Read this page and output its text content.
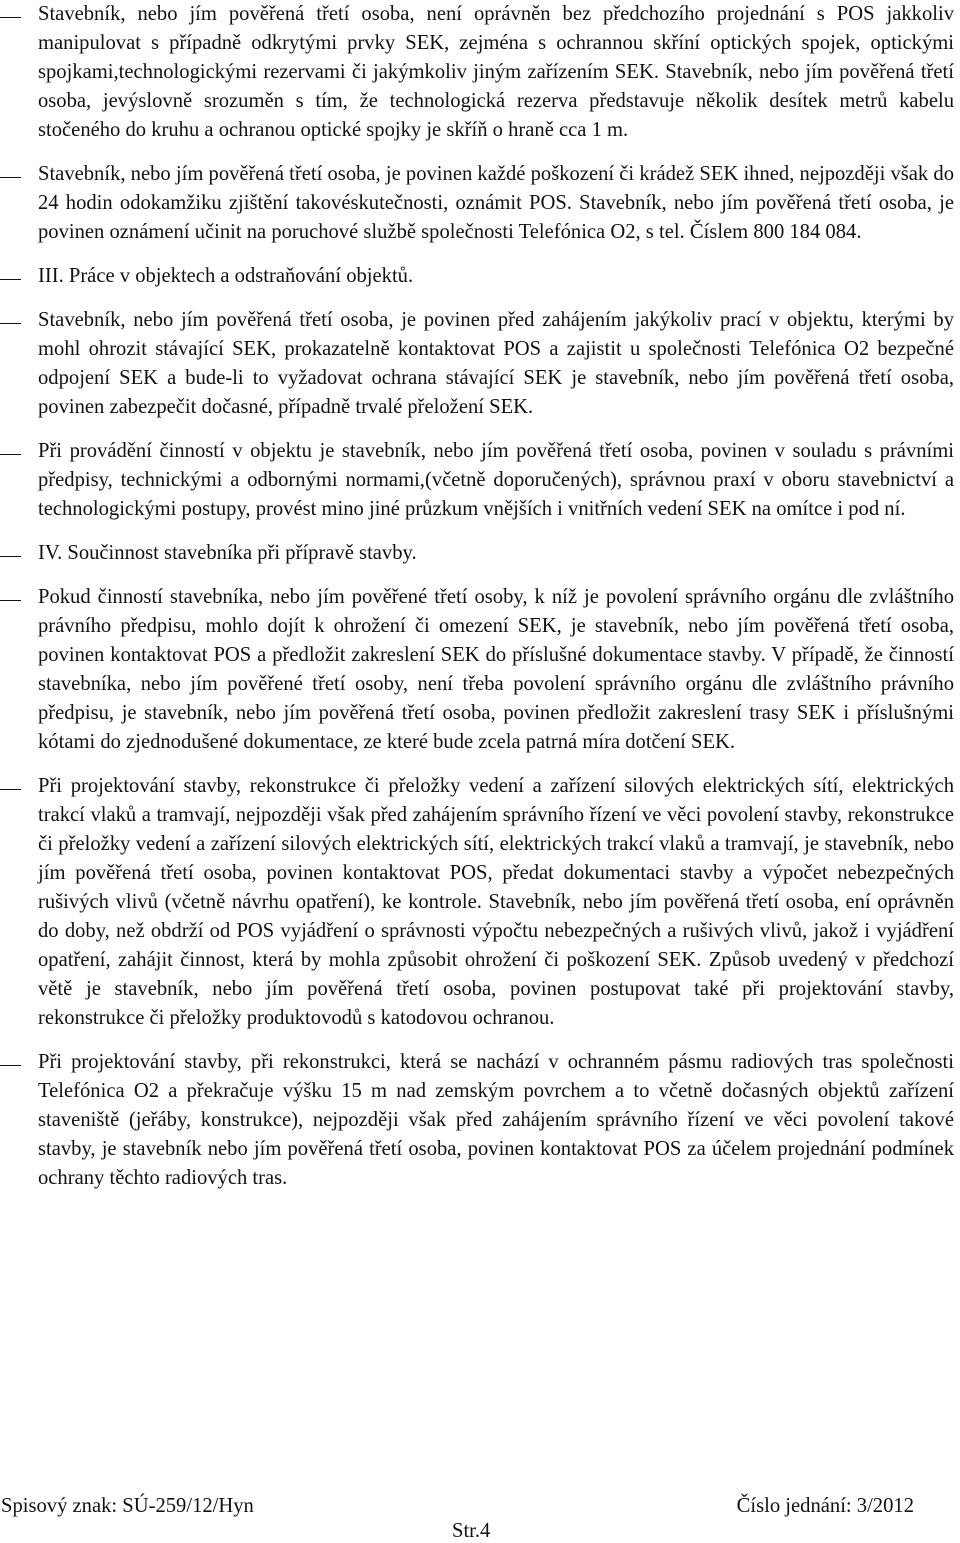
Stavebník, nebo jím pověřená třetí osoba, není oprávněn bez předchozího projednání s POS jakkoliv manipulovat s případně odkrytými prvky SEK, zejména s ochrannou skříní optických spojek, optickými spojkami,technologickými rezervami či jakýmkoliv jiným zařízením SEK. Stavebník, nebo jím pověřená třetí osoba, jevýslovně srozuměn s tím, že technologická rezerva představuje několik desítek metrů kabelu stočeného do kruhu a ochranou optické spojky je skříň o hraně cca 1 m.
Stavebník, nebo jím pověřená třetí osoba, je povinen každé poškození či krádež SEK ihned, nejpozději však do 24 hodin odokamžiku zjištění takovéskutečnosti, oznámit POS. Stavebník, nebo jím pověřená třetí osoba, je povinen oznámení učinit na poruchové službě společnosti Telefónica O2, s tel. Číslem 800 184 084.
III. Práce v objektech a odstraňování objektů.
Stavebník, nebo jím pověřená třetí osoba, je povinen před zahájením jakýkoliv prací v objektu, kterými by mohl ohrozit stávající SEK, prokazatelně kontaktovat POS a zajistit u společnosti Telefónica O2 bezpečné odpojení SEK a bude-li to vyžadovat ochrana stávající SEK je stavebník, nebo jím pověřená třetí osoba, povinen zabezpečit dočasné, případně trvalé přeložení SEK.
Při provádění činností v objektu je stavebník, nebo jím pověřená třetí osoba, povinen v souladu s právními předpisy, technickými a odbornými normami,(včetně doporučených), správnou praxí v oboru stavebnictví a technologickými postupy, provést mino jiné průzkum vnějších i vnitřních vedení SEK na omítce i pod ní.
IV. Součinnost stavebníka při přípravě stavby.
Pokud činností stavebníka, nebo jím pověřené třetí osoby, k níž je povolení správního orgánu dle zvláštního právního předpisu, mohlo dojít k ohrožení či omezení SEK, je stavebník, nebo jím pověřená třetí osoba, povinen kontaktovat POS a předložit zakreslení SEK do příslušné dokumentace stavby. V případě, že činností stavebníka, nebo jím pověřené třetí osoby, není třeba povolení správního orgánu dle zvláštního právního předpisu, je stavebník, nebo jím pověřená třetí osoba, povinen předložit zakreslení trasy SEK i příslušnými kótami do zjednodušené dokumentace, ze které bude zcela patrná míra dotčení SEK.
Při projektování stavby, rekonstrukce či přeložky vedení a zařízení silových elektrických sítí, elektrických trakcí vlaků a tramvají, nejpozději však před zahájením správního řízení ve věci povolení stavby, rekonstrukce či přeložky vedení a zařízení silových elektrických sítí, elektrických trakcí vlaků a tramvají, je stavebník, nebo jím pověřená třetí osoba, povinen kontaktovat POS, předat dokumentaci stavby a výpočet nebezpečných rušivých vlivů (včetně návrhu opatření), ke kontrole. Stavebník, nebo jím pověřená třetí osoba, ení oprávněn do doby, než obdrží od POS vyjádření o správnosti výpočtu nebezpečných a rušivých vlivů, jakož i vyjádření opatření, zahájit činnost, která by mohla způsobit ohrožení či poškození SEK. Způsob uvedený v předchozí větě je stavebník, nebo jím pověřená třetí osoba, povinen postupovat také při projektování stavby, rekonstrukce či přeložky produktovodů s katodovou ochranou.
Při projektování stavby, při rekonstrukci, která se nachází v ochranném pásmu radiových tras společnosti Telefónica O2 a překračuje výšku 15 m nad zemským povrchem a to včetně dočasných objektů zařízení staveniště (jeřáby, konstrukce), nejpozději však před zahájením správního řízení ve věci povolení takové stavby, je stavebník nebo jím pověřená třetí osoba, povinen kontaktovat POS za účelem projednání podmínek ochrany těchto radiových tras.
Spisový znak: SÚ-259/12/Hyn	Číslo jednání: 3/2012
Str.4
